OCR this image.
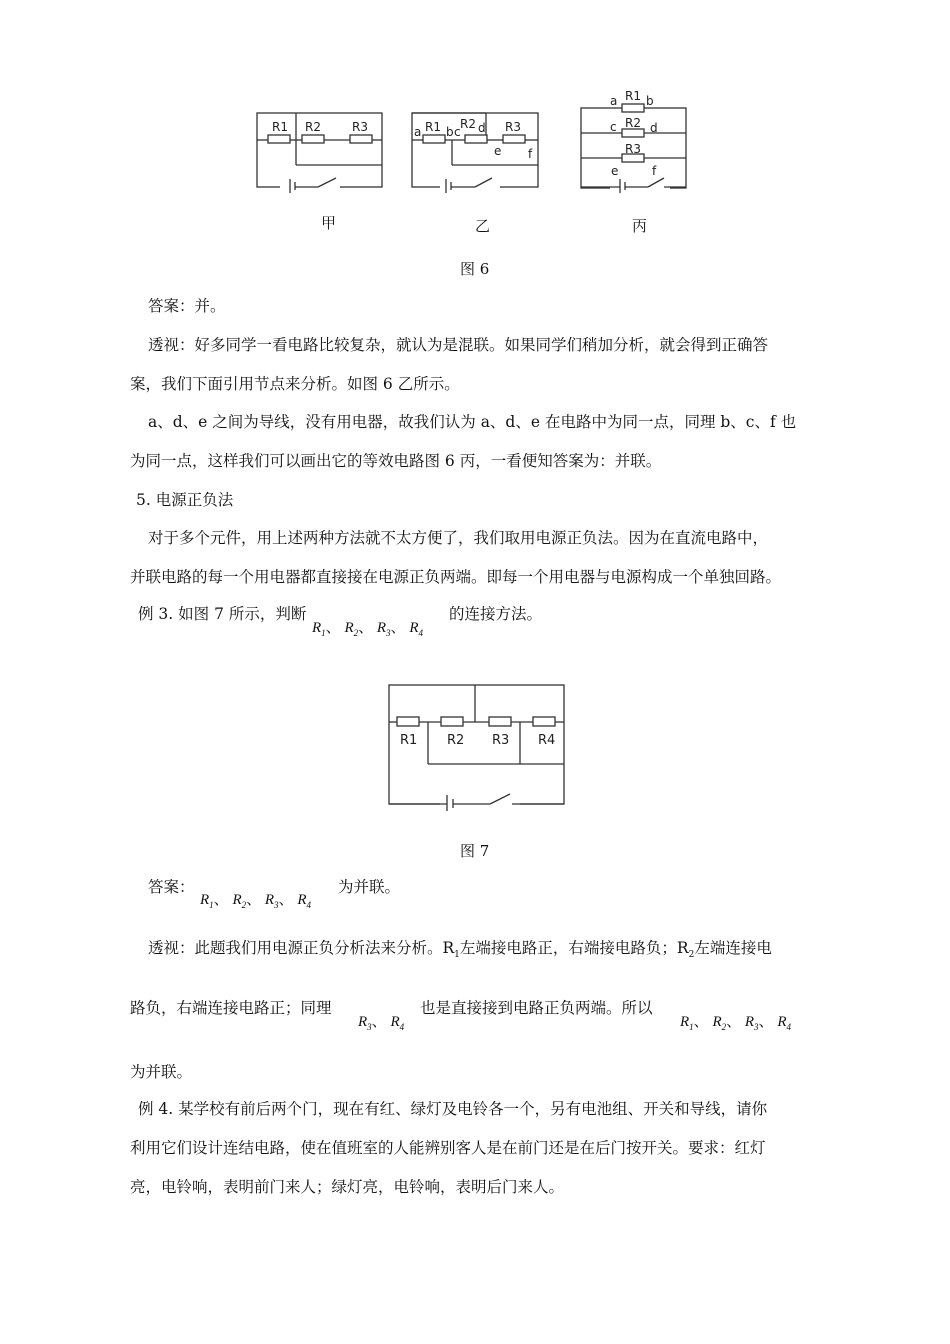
R1 R2	R3	a R1 b c
R2 d R3
e f
a R1 b
c R2 d
R3
e	f
甲	乙	丙
图 6
答案：并。
透视：好多同学一看电路比较复杂，就认为是混联。如果同学们稍加分析，就会得到正确答
案，我们下面引用节点来分析。如图 6 乙所示。
a、d、e 之间为导线，没有用电器，故我们认为 a、d、e 在电路中为同一点，同理 b、c、f 也
为同一点，这样我们可以画出它的等效电路图 6 丙，一看便知答案为：并联。
5. 电源正负法
对于多个元件，用上述两种方法就不太方便了，我们取用电源正负法。因为在直流电路中，
并联电路的每一个用电器都直接接在电源正负两端。即每一个用电器与电源构成一个单独回路。
例 3. 如图 7 所示，判断
$R_1$、 $R_2$、 $R_3$、 $R_4$
的连接方法。
R1 R2 R3 R4
图 7
答案：
$R_1$、 $R_2$、 $R_3$、 $R_4$
为并联。
透视：此题我们用电源正负分析法来分析。$R_1$左端接电路正，右端接电路负；$R_2$左端连接电
路负，右端连接电路正；同理
$R_3$、 $R_4$
也是直接接到电路正负两端。所以
$R_1$、 $R_2$、 $R_3$、 $R_4$
为并联。
例 4. 某学校有前后两个门，现在有红、绿灯及电铃各一个，另有电池组、开关和导线，请你
利用它们设计连结电路，使在值班室的人能辨别客人是在前门还是在后门按开关。要求：红灯
亮，电铃响，表明前门来人；绿灯亮，电铃响，表明后门来人。
